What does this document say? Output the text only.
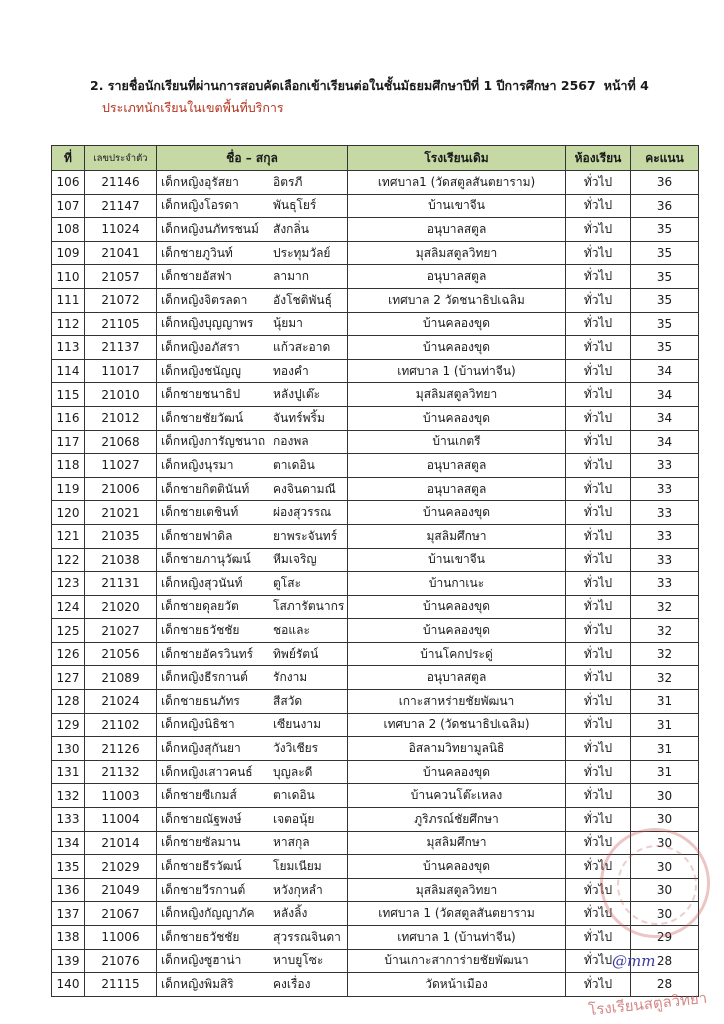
2. รายชื่อนักเรียนที่ผ่านการสอบคัดเลือกเข้าเรียนต่อในชั้นมัธยมศึกษาปีที่ 1 ปีการศึกษา 2567 หน้าที่ 4
ประเภทนักเรียนในเขตพื้นที่บริการ
ที่	เลขประจำตัว	ชื่อ – สกุล	โรงเรียนเดิม	ห้องเรียน	คะแนน
106	21146	เด็กหญิงอุรัสยา อิตรภี	เทศบาล1 (วัดสตูลสันตยาราม)	ทั่วไป	36
107	21147	เด็กหญิงโอรดา พันธุโยร์	บ้านเขาจีน	ทั่วไป	36
108	11024	เด็กหญิงนภัทรชนม์ สังกลิ่น	อนุบาลสตูล	ทั่วไป	35
109	21041	เด็กชายภูวินท์ ประทุมวัลย์	มุสลิมสตูลวิทยา	ทั่วไป	35
110	21057	เด็กชายอัสฟา ลามาก	อนุบาลสตูล	ทั่วไป	35
111	21072	เด็กหญิงจิตรลดา อังโชติพันธุ์	เทศบาล 2 วัดชนาธิปเฉลิม	ทั่วไป	35
112	21105	เด็กหญิงบุญญาพร นุ้ยมา	บ้านคลองขุด	ทั่วไป	35
113	21137	เด็กหญิงอภัสรา แก้วสะอาด	บ้านคลองขุด	ทั่วไป	35
114	11017	เด็กหญิงชนัญญู ทองคำ	เทศบาล 1 (บ้านท่าจีน)	ทั่วไป	34
115	21010	เด็กชายชนาธิป หลังปูเต๊ะ	มุสลิมสตูลวิทยา	ทั่วไป	34
116	21012	เด็กชายชัยวัฒน์ จันทร์พริ้ม	บ้านคลองขุด	ทั่วไป	34
117	21068	เด็กหญิงการัญชนาถ กองพล	บ้านเกตรี	ทั่วไป	34
118	11027	เด็กหญิงนุรมา ตาเดอิน	อนุบาลสตูล	ทั่วไป	33
119	21006	เด็กชายกิตตินันท์ คงจินดามณี	อนุบาลสตูล	ทั่วไป	33
120	21021	เด็กชายเตชินท์ ผ่องสุวรรณ	บ้านคลองขุด	ทั่วไป	33
121	21035	เด็กชายฟาดิล ยาพระจันทร์	มุสลิมศึกษา	ทั่วไป	33
122	21038	เด็กชายภานุวัฒน์ หีมเจริญ	บ้านเขาจีน	ทั่วไป	33
123	21131	เด็กหญิงสุวนันท์ ตูโสะ	บ้านกาเนะ	ทั่วไป	33
124	21020	เด็กชายดุลยวัต โสภารัตนากร	บ้านคลองขุด	ทั่วไป	32
125	21027	เด็กชายธวัชชัย ชอและ	บ้านคลองขุด	ทั่วไป	32
126	21056	เด็กชายอัครวินทร์ ทิพย์รัตน์	บ้านโคกประดู่	ทั่วไป	32
127	21089	เด็กหญิงธีรกานต์ รักงาม	อนุบาลสตูล	ทั่วไป	32
128	21024	เด็กชายธนภัทร สีสวัด	เกาะสาหร่ายชัยพัฒนา	ทั่วไป	31
129	21102	เด็กหญิงนิธิชา เซียนงาม	เทศบาล 2 (วัดชนาธิปเฉลิม)	ทั่วไป	31
130	21126	เด็กหญิงสุกันยา วังวิเชียร	อิสลามวิทยามูลนิธิ	ทั่วไป	31
131	21132	เด็กหญิงเสาวคนธ์ บุญละดี	บ้านคลองขุด	ทั่วไป	31
132	11003	เด็กชายซีเกมส์ ตาเดอิน	บ้านควนโต๊ะเหลง	ทั่วไป	30
133	11004	เด็กชายณัฐพงษ์ เจตอนุ้ย	ภูริภรณ์ชัยศึกษา	ทั่วไป	30
134	21014	เด็กชายซัลมาน หาสกุล	มุสลิมศึกษา	ทั่วไป	30
135	21029	เด็กชายธีรวัฒน์ โยมเนียม	บ้านคลองขุด	ทั่วไป	30
136	21049	เด็กชายวีรกานต์ หวังกุหลำ	มุสลิมสตูลวิทยา	ทั่วไป	30
137	21067	เด็กหญิงกัญญาภัค หลังลิ้ง	เทศบาล 1 (วัดสตูลสันตยาราม	ทั่วไป	30
138	11006	เด็กชายธวัชชัย สุวรรณจินดา	เทศบาล 1 (บ้านท่าจีน)	ทั่วไป	29
139	21076	เด็กหญิงซูฮาน่า หาบยูโซะ	บ้านเกาะสาการ่ายชัยพัฒนา	ทั่วไป	28
140	21115	เด็กหญิงพิมสิริ คงเรื่อง	วัดหน้าเมือง	ทั่วไป	28
@mm
โรงเรียนสตูลวิทยา
